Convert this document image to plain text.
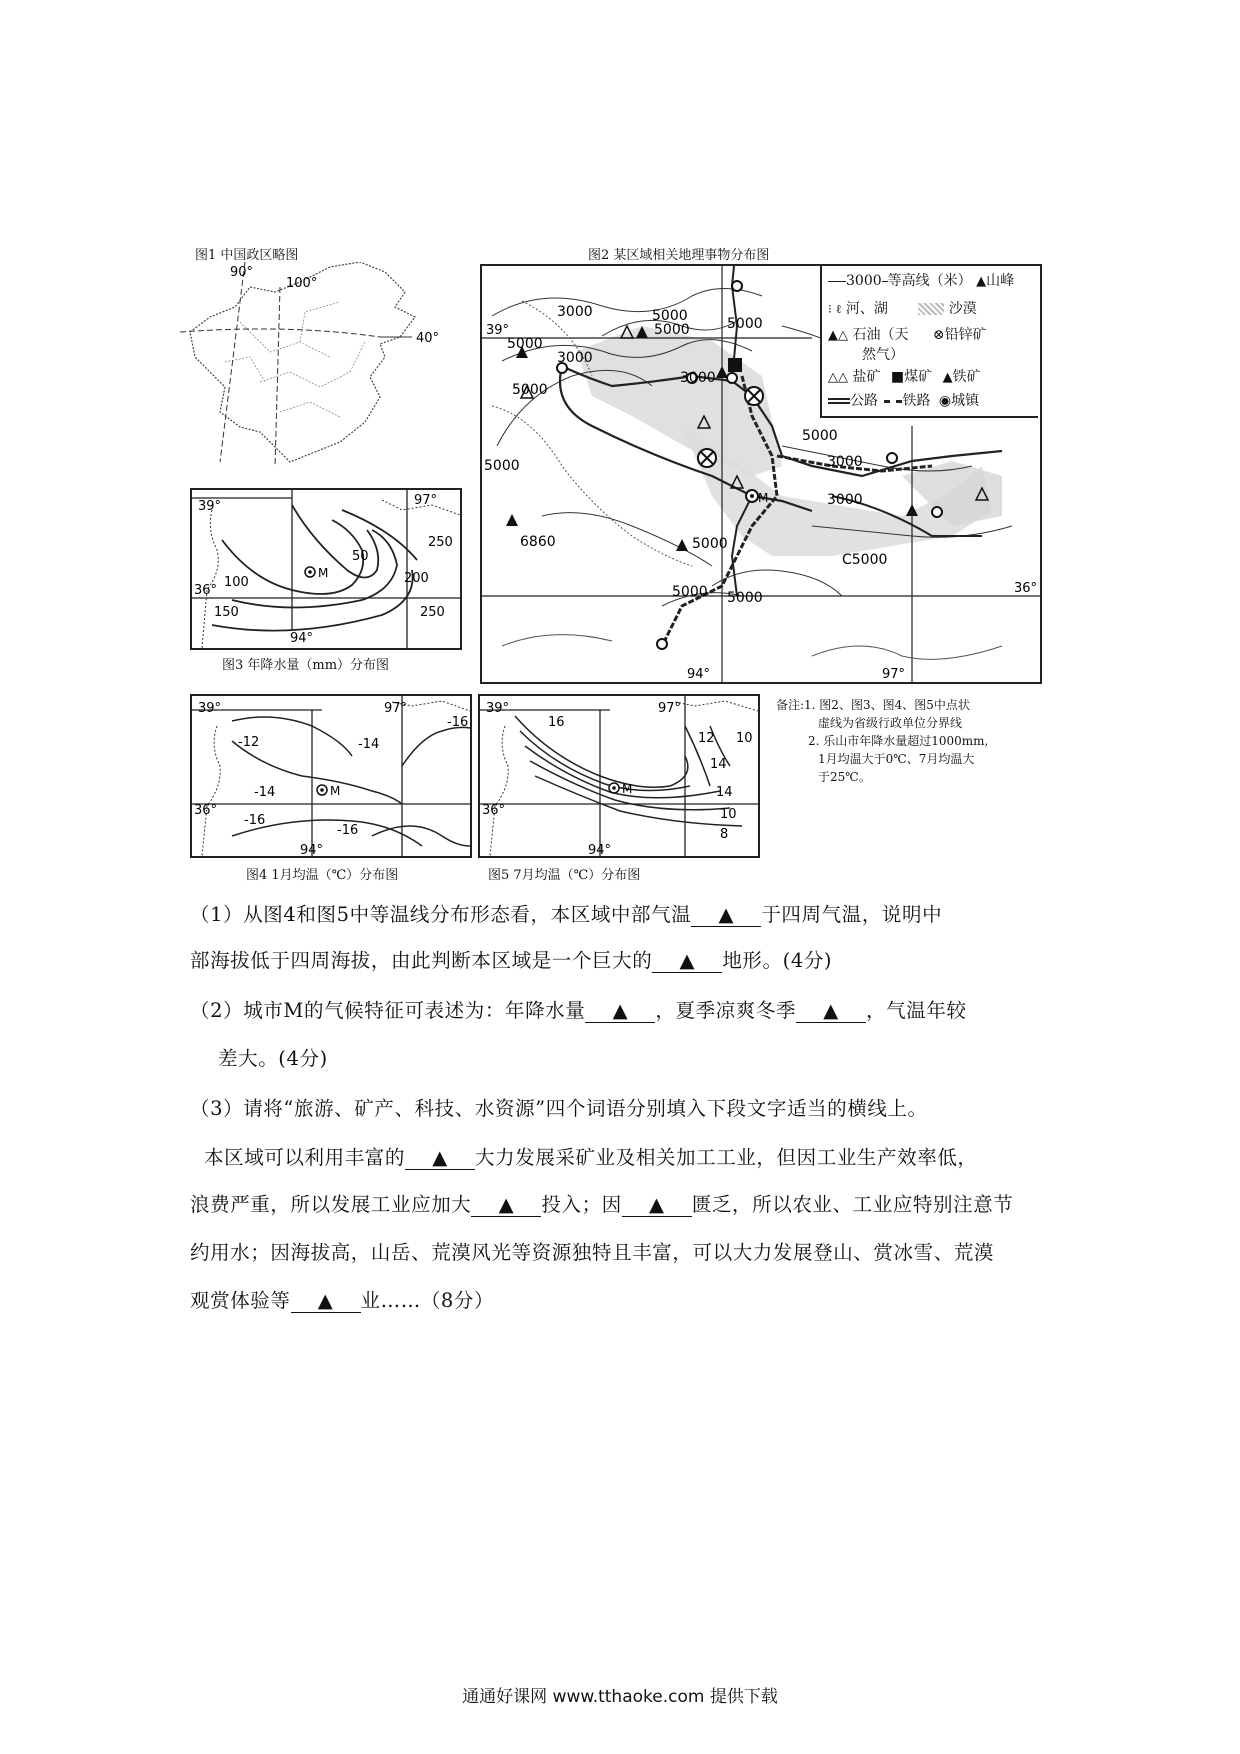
图1 中国政区略图
90°
100°
40°
图2 某区域相关地理事物分布图
3000	5000
5000
3000
5000
3000
5000
5000
5000	3000
5000
3000
5000
C5000
5000 5000
6860
39°
36°
94°	97°
M
3000 等高线（米） ▲山峰
⁝ ℓ 河、湖	沙漠
▲△ 石油（天 ⊗铅锌矿
然气）
△△ 盐矿 ■煤矿 ▲铁矿
公路 铁路 ◉城镇
39°
36°
97°
94°
50
100
150
200
250
250
M
图3 年降水量（mm）分布图
39°
36°
97°
94°
-12	-14
-14
-16
-16
-16
M
图4 1月均温（℃）分布图
39°
36°
97°
94°
16
12 10
14
14
10
8
M
图5 7月均温（℃）分布图
备注:1. 图2、图3、图4、图5中点状
虚线为省级行政单位分界线
2. 乐山市年降水量超过1000mm,
1月均温大于0℃、7月均温大
于25℃。
（1）从图4和图5中等温线分布形态看，本区域中部气温 ▲ 于四周气温，说明中
部海拔低于四周海拔，由此判断本区域是一个巨大的 ▲ 地形。(4分)
（2）城市M的气候特征可表述为：年降水量 ▲ ，夏季凉爽冬季 ▲ ，气温年较
差大。(4分)
（3）请将“旅游、矿产、科技、水资源”四个词语分别填入下段文字适当的横线上。
本区域可以利用丰富的 ▲ 大力发展采矿业及相关加工工业，但因工业生产效率低，
浪费严重，所以发展工业应加大 ▲ 投入；因 ▲ 匮乏，所以农业、工业应特别注意节
约用水；因海拔高，山岳、荒漠风光等资源独特且丰富，可以大力发展登山、赏冰雪、荒漠
观赏体验等 ▲ 业……（8分）
通通好课网 www.tthaoke.com 提供下载
